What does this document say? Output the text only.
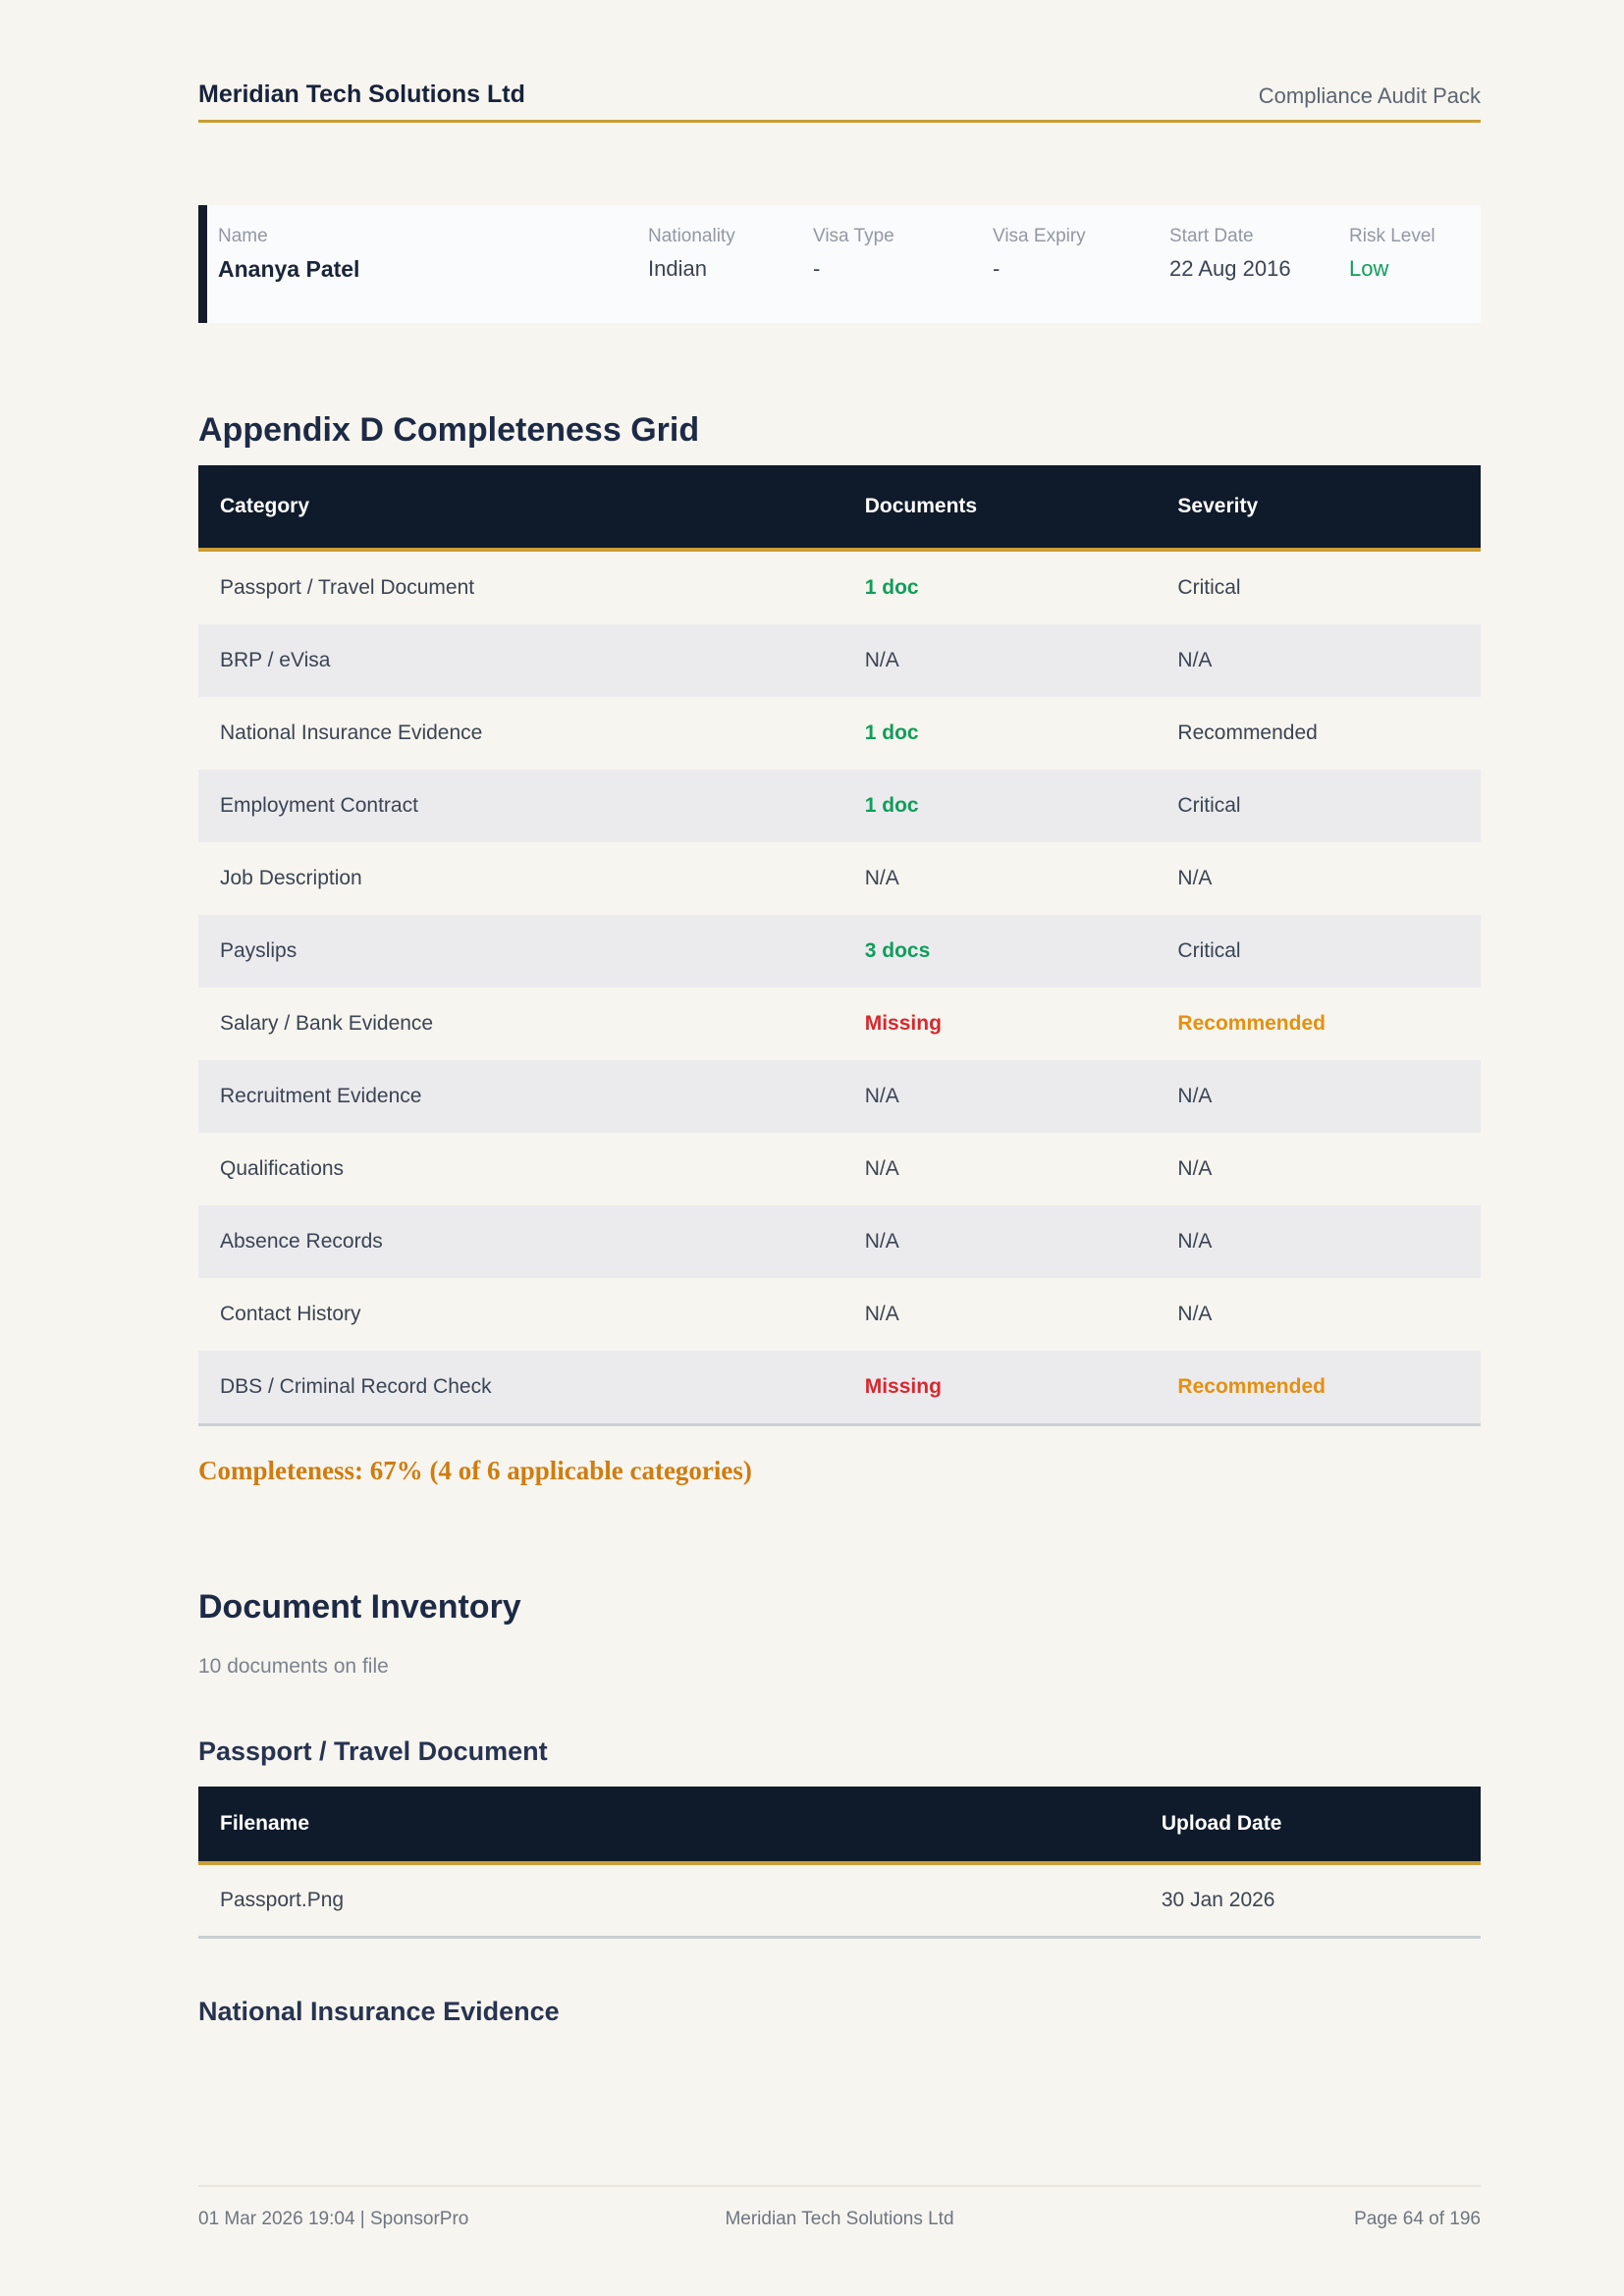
Meridian Tech Solutions Ltd	Compliance Audit Pack
Name
Ananya Patel
Nationality
Indian
Visa Type
-
Visa Expiry
-
Start Date
22 Aug 2016
Risk Level
Low
Appendix D Completeness Grid
Category	Documents	Severity
Passport / Travel Document	1 doc	Critical
BRP / eVisa	N/A	N/A
National Insurance Evidence	1 doc	Recommended
Employment Contract	1 doc	Critical
Job Description	N/A	N/A
Payslips	3 docs	Critical
Salary / Bank Evidence	Missing	Recommended
Recruitment Evidence	N/A	N/A
Qualifications	N/A	N/A
Absence Records	N/A	N/A
Contact History	N/A	N/A
DBS / Criminal Record Check	Missing	Recommended

Completeness: 67% (4 of 6 applicable categories)

Document Inventory

10 documents on file

Passport / Travel Document
Filename	Upload Date
Passport.Png	30 Jan 2026
National Insurance Evidence
Meridian Tech Solutions Ltd
01 Mar 2026 19:04 | SponsorPro	Page 64 of 196
